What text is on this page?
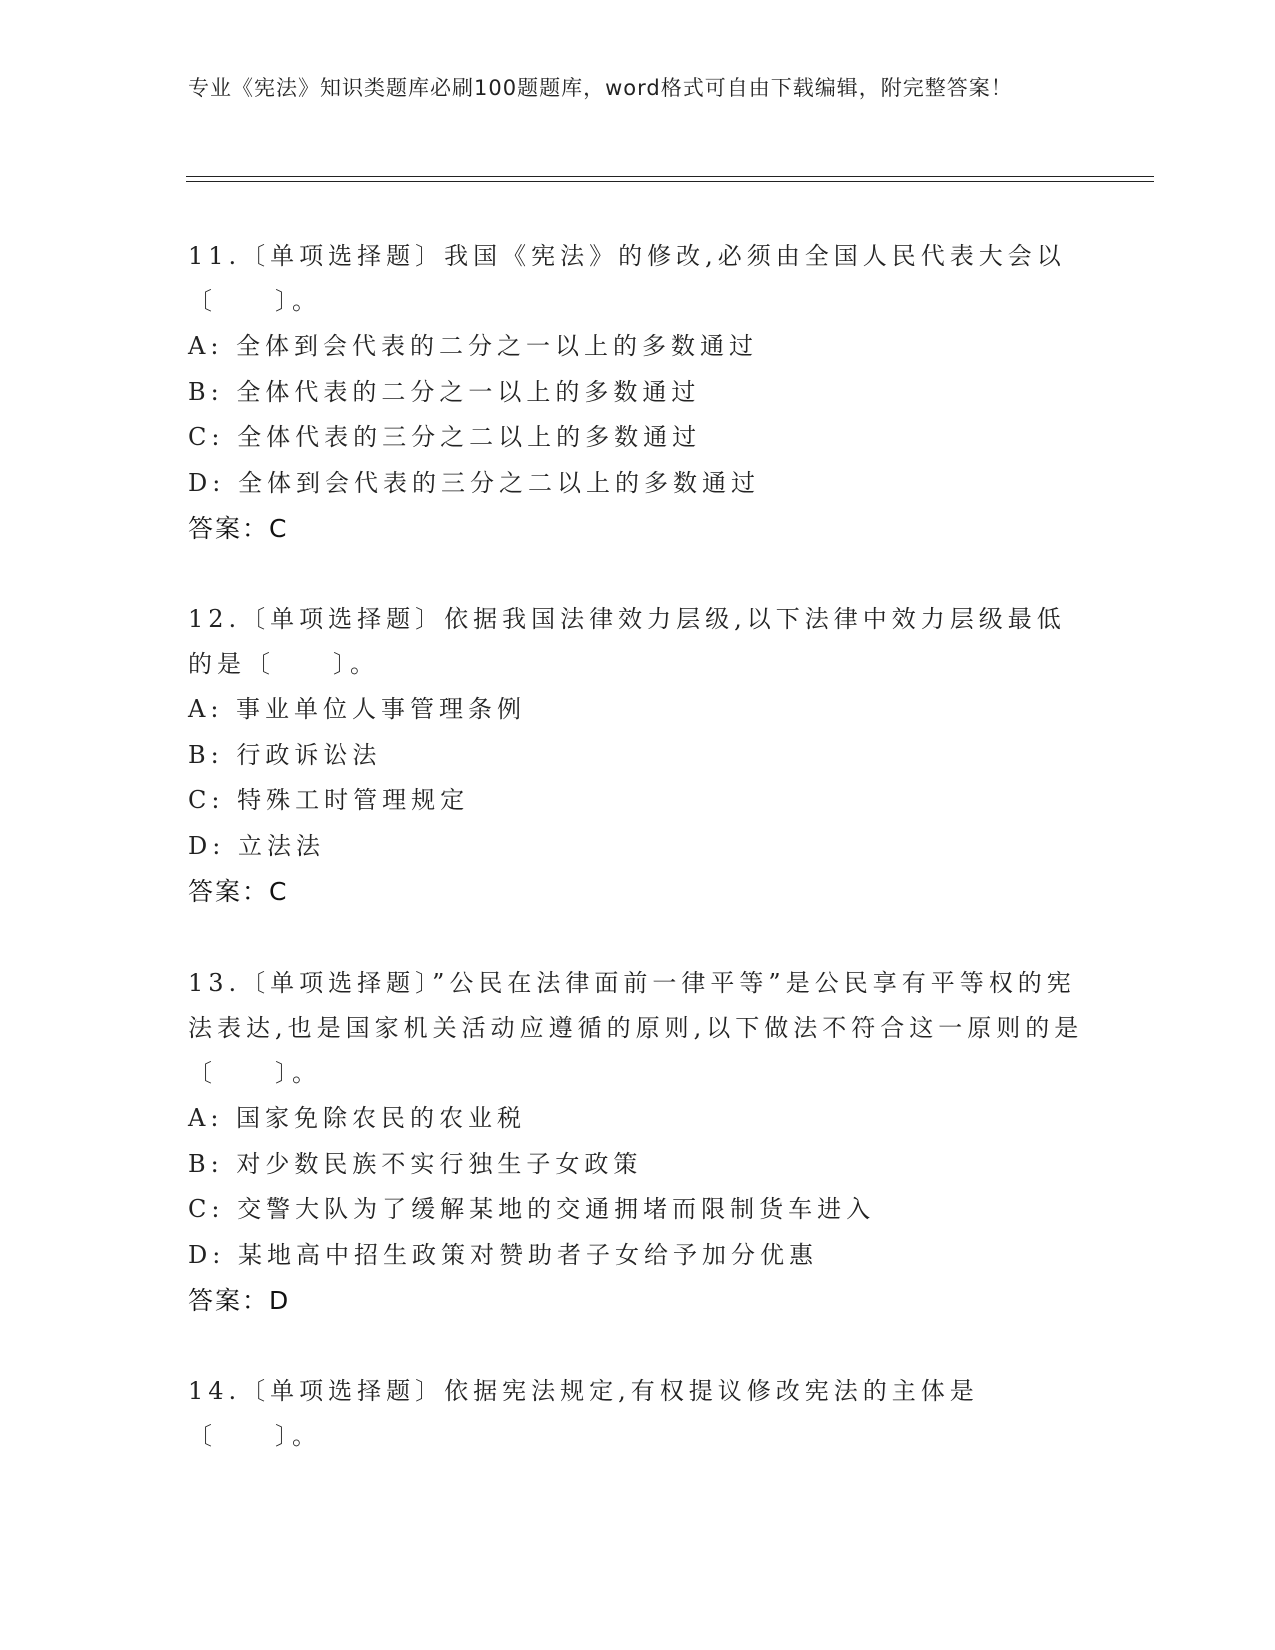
专业《宪法》知识类题库必刷100题题库，word格式可自由下载编辑，附完整答案！
11.〔单项选择题〕我国《宪法》的修改,必须由全国人民代表大会以〔　　〕。
A: 全体到会代表的二分之一以上的多数通过
B: 全体代表的二分之一以上的多数通过
C: 全体代表的三分之二以上的多数通过
D: 全体到会代表的三分之二以上的多数通过
答案：C
12.〔单项选择题〕依据我国法律效力层级,以下法律中效力层级最低的是〔　　〕。
A: 事业单位人事管理条例
B: 行政诉讼法
C: 特殊工时管理规定
D: 立法法
答案：C
13.〔单项选择题〕”公民在法律面前一律平等”是公民享有平等权的宪法表达,也是国家机关活动应遵循的原则,以下做法不符合这一原则的是〔　　〕。
A: 国家免除农民的农业税
B: 对少数民族不实行独生子女政策
C: 交警大队为了缓解某地的交通拥堵而限制货车进入
D: 某地高中招生政策对赞助者子女给予加分优惠
答案：D
14.〔单项选择题〕依据宪法规定,有权提议修改宪法的主体是〔　　〕。
